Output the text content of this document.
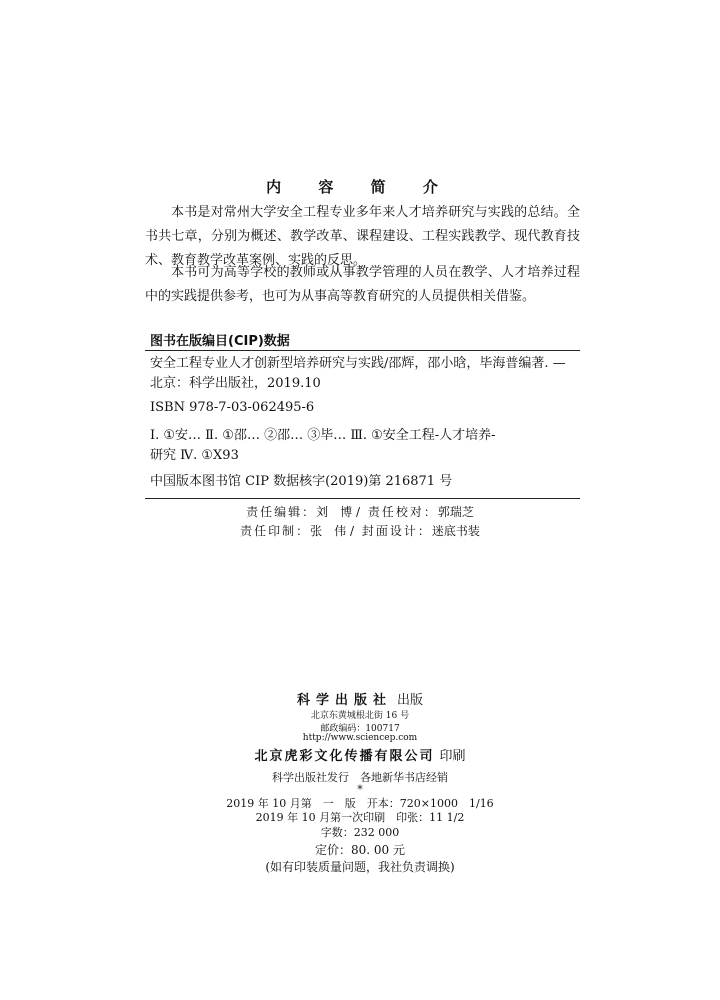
内 容 简 介

本书是对常州大学安全工程专业多年来人才培养研究与实践的总结。全书共七章，分别为概述、教学改革、课程建设、工程实践教学、现代教育技术、教育教学改革案例、实践的反思。

本书可为高等学校的教师或从事教学管理的人员在教学、人才培养过程中的实践提供参考，也可为从事高等教育研究的人员提供相关借鉴。

图书在版编目(CIP)数据
安全工程专业人才创新型培养研究与实践/邵辉，邵小晗，毕海普编著. —
北京：科学出版社，2019.10
ISBN 978-7-03-062495-6
Ⅰ. ①安… Ⅱ. ①邵… ②邵… ③毕… Ⅲ. ①安全工程-人才培养-
研究 Ⅳ. ①X93
中国版本图书馆 CIP 数据核字(2019)第 216871 号
责任编辑：刘　博 / 责任校对：郭瑞芝
责任印制：张　伟 / 封面设计：迷底书装
科学出版社 出版
北京东黄城根北街 16 号
邮政编码：100717
http://www.sciencep.com
北京虎彩文化传播有限公司 印刷
科学出版社发行　各地新华书店经销
*
2019 年 10 月第　一　版　开本：720×1000　1/16
2019 年 10 月第一次印刷　印张：11 1/2
字数：232 000
定价：80. 00 元
(如有印装质量问题，我社负责调换)
